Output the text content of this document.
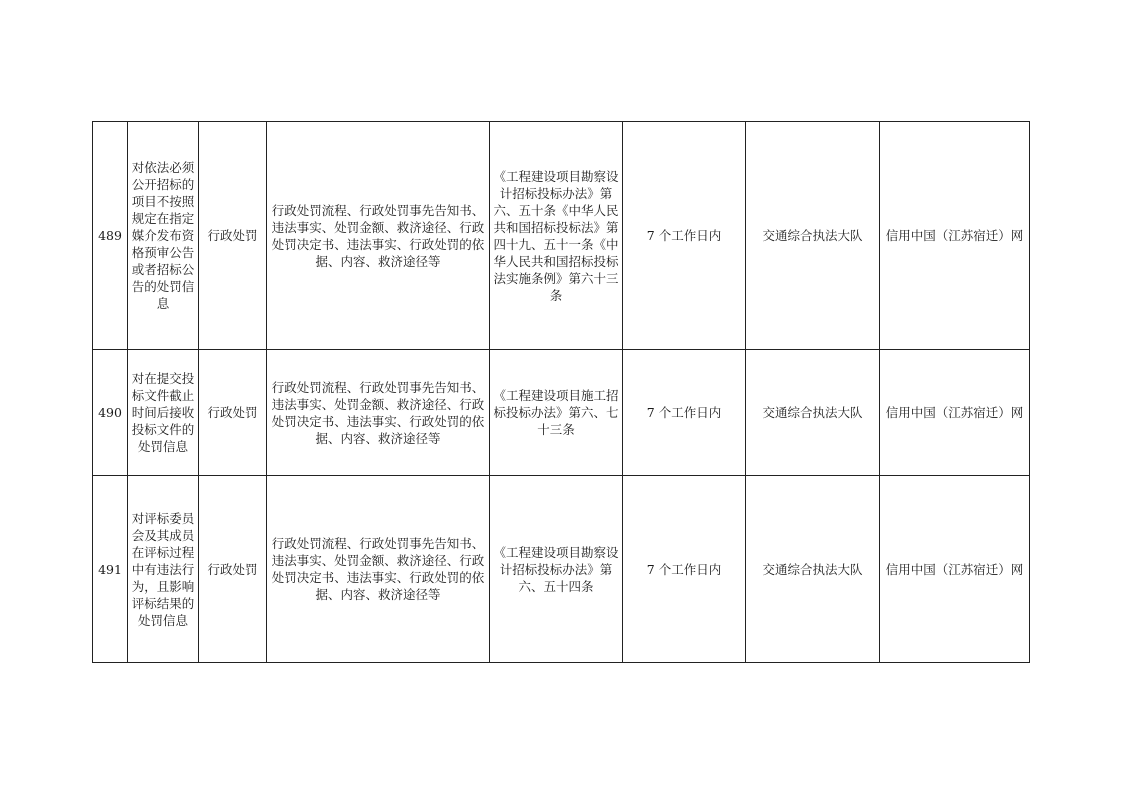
489	对依法必须公开招标的项目不按照规定在指定媒介发布资格预审公告或者招标公告的处罚信息	行政处罚	行政处罚流程、行政处罚事先告知书、违法事实、处罚金额、救济途径、行政处罚决定书、违法事实、行政处罚的依据、内容、救济途径等	《工程建设项目勘察设计招标投标办法》第六、五十条《中华人民共和国招标投标法》第四十九、五十一条《中华人民共和国招标投标法实施条例》第六十三条	7 个工作日内	交通综合执法大队	信用中国（江苏宿迁）网
490	对在提交投标文件截止时间后接收投标文件的处罚信息	行政处罚	行政处罚流程、行政处罚事先告知书、违法事实、处罚金额、救济途径、行政处罚决定书、违法事实、行政处罚的依据、内容、救济途径等	《工程建设项目施工招标投标办法》第六、七十三条	7 个工作日内	交通综合执法大队	信用中国（江苏宿迁）网
491	对评标委员会及其成员在评标过程中有违法行为，且影响评标结果的处罚信息	行政处罚	行政处罚流程、行政处罚事先告知书、违法事实、处罚金额、救济途径、行政处罚决定书、违法事实、行政处罚的依据、内容、救济途径等	《工程建设项目勘察设计招标投标办法》第六、五十四条	7 个工作日内	交通综合执法大队	信用中国（江苏宿迁）网
